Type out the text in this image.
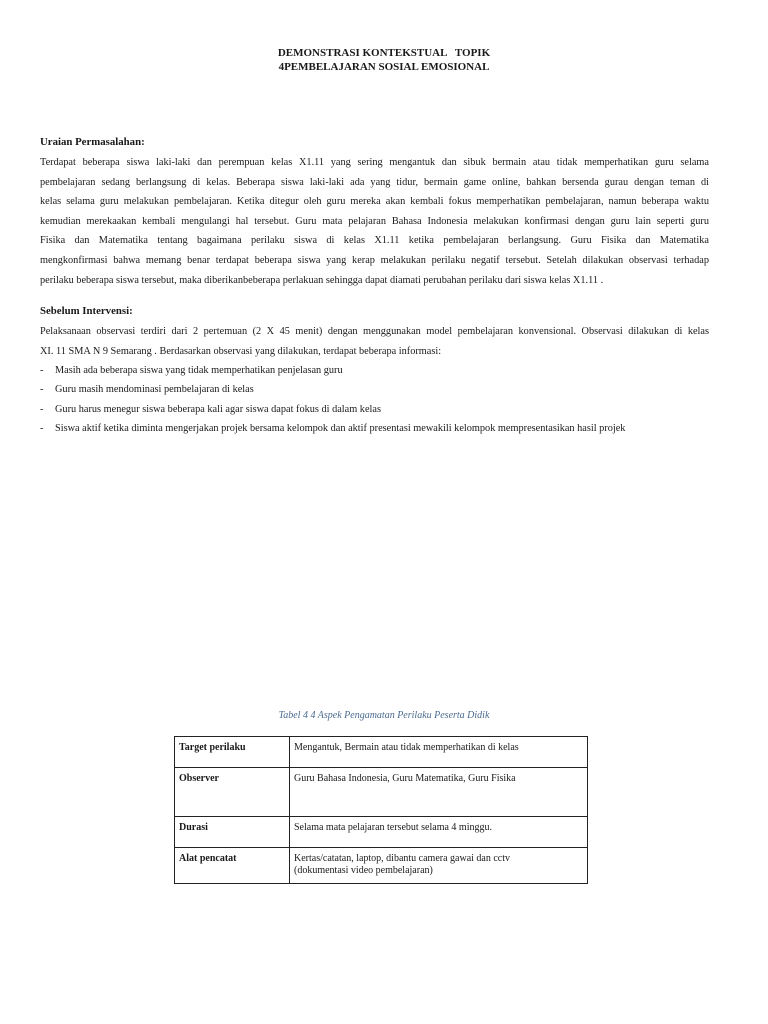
DEMONSTRASI KONTEKSTUAL   TOPIK
4PEMBELAJARAN SOSIAL EMOSIONAL
Uraian Permasalahan:
Terdapat beberapa siswa laki-laki dan perempuan kelas X1.11 yang sering mengantuk dan sibuk bermain atau tidak memperhatikan guru selama
pembelajaran sedang berlangsung di kelas. Beberapa siswa laki-laki ada yang tidur, bermain game online, bahkan bersenda gurau dengan teman di
kelas selama guru melakukan pembelajaran. Ketika ditegur oleh guru mereka akan kembali fokus memperhatikan pembelajaran, namun beberapa waktu
kemudian merekaakan kembali mengulangi hal tersebut. Guru mata pelajaran Bahasa Indonesia melakukan konfirmasi dengan guru lain seperti guru
Fisika dan Matematika tentang bagaimana perilaku siswa di kelas X1.11 ketika pembelajaran berlangsung. Guru Fisika dan Matematika
mengkonfirmasi bahwa memang benar terdapat beberapa siswa yang kerap melakukan perilaku negatif tersebut. Setelah dilakukan observasi terhadap
perilaku beberapa siswa tersebut, maka diberikanbeberapa perlakuan sehingga dapat diamati perubahan perilaku dari siswa kelas X1.11 .
Sebelum Intervensi:
Pelaksanaan observasi terdiri dari 2 pertemuan (2 X 45 menit) dengan menggunakan model pembelajaran konvensional. Observasi dilakukan di kelas
XI. 11 SMA N 9 Semarang . Berdasarkan observasi yang dilakukan, terdapat beberapa informasi:
- Masih ada beberapa siswa yang tidak memperhatikan penjelasan guru
- Guru masih mendominasi pembelajaran di kelas
- Guru harus menegur siswa beberapa kali agar siswa dapat fokus di dalam kelas
- Siswa aktif ketika diminta mengerjakan projek bersama kelompok dan aktif presentasi mewakili kelompok mempresentasikan hasil projek
Tabel 4 4 Aspek Pengamatan Perilaku Peserta Didik
Target perilaku	Mengantuk, Bermain atau tidak memperhatikan di kelas
Observer	Guru Bahasa Indonesia, Guru Matematika, Guru Fisika
Durasi	Selama mata pelajaran tersebut selama 4 minggu.
Alat pencatat	Kertas/catatan, laptop, dibantu camera gawai dan cctv
(dokumentasi video pembelajaran)
